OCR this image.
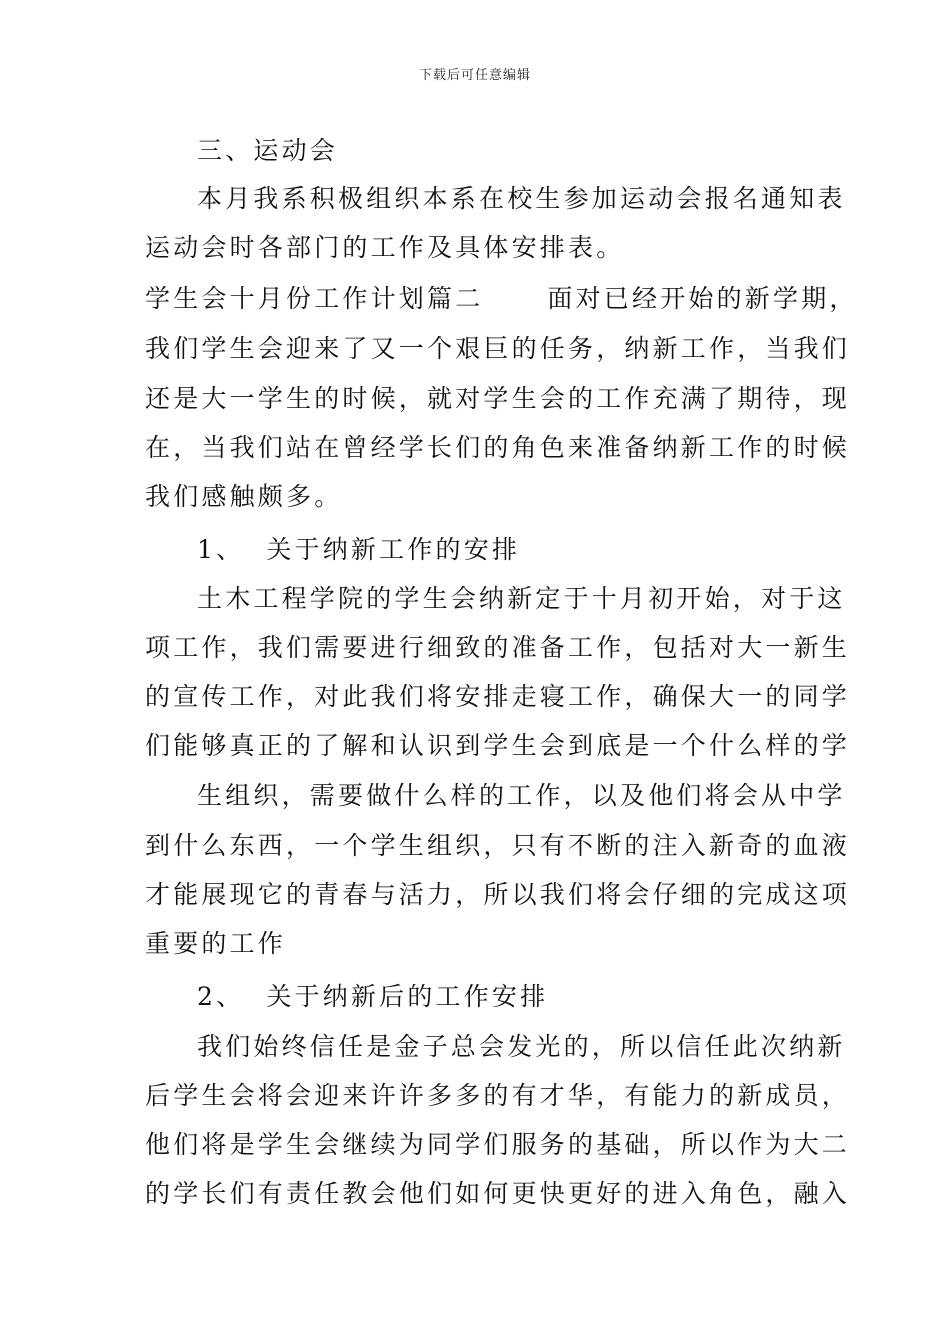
下载后可任意编辑
三、运动会
本月我系积极组织本系在校生参加运动会报名通知表
运动会时各部门的工作及具体安排表。
学生会十月份工作计划篇二	面对已经开始的新学期，
我们学生会迎来了又一个艰巨的任务，纳新工作，当我们
还是大一学生的时候，就对学生会的工作充满了期待，现
在，当我们站在曾经学长们的角色来准备纳新工作的时候
我们感触颇多。
1、 关于纳新工作的安排
土木工程学院的学生会纳新定于十月初开始，对于这
项工作，我们需要进行细致的准备工作，包括对大一新生
的宣传工作，对此我们将安排走寝工作，确保大一的同学
们能够真正的了解和认识到学生会到底是一个什么样的学
生组织，需要做什么样的工作，以及他们将会从中学
到什么东西，一个学生组织，只有不断的注入新奇的血液
才能展现它的青春与活力，所以我们将会仔细的完成这项
重要的工作
2、 关于纳新后的工作安排
我们始终信任是金子总会发光的，所以信任此次纳新
后学生会将会迎来许许多多的有才华，有能力的新成员，
他们将是学生会继续为同学们服务的基础，所以作为大二
的学长们有责任教会他们如何更快更好的进入角色，融入
